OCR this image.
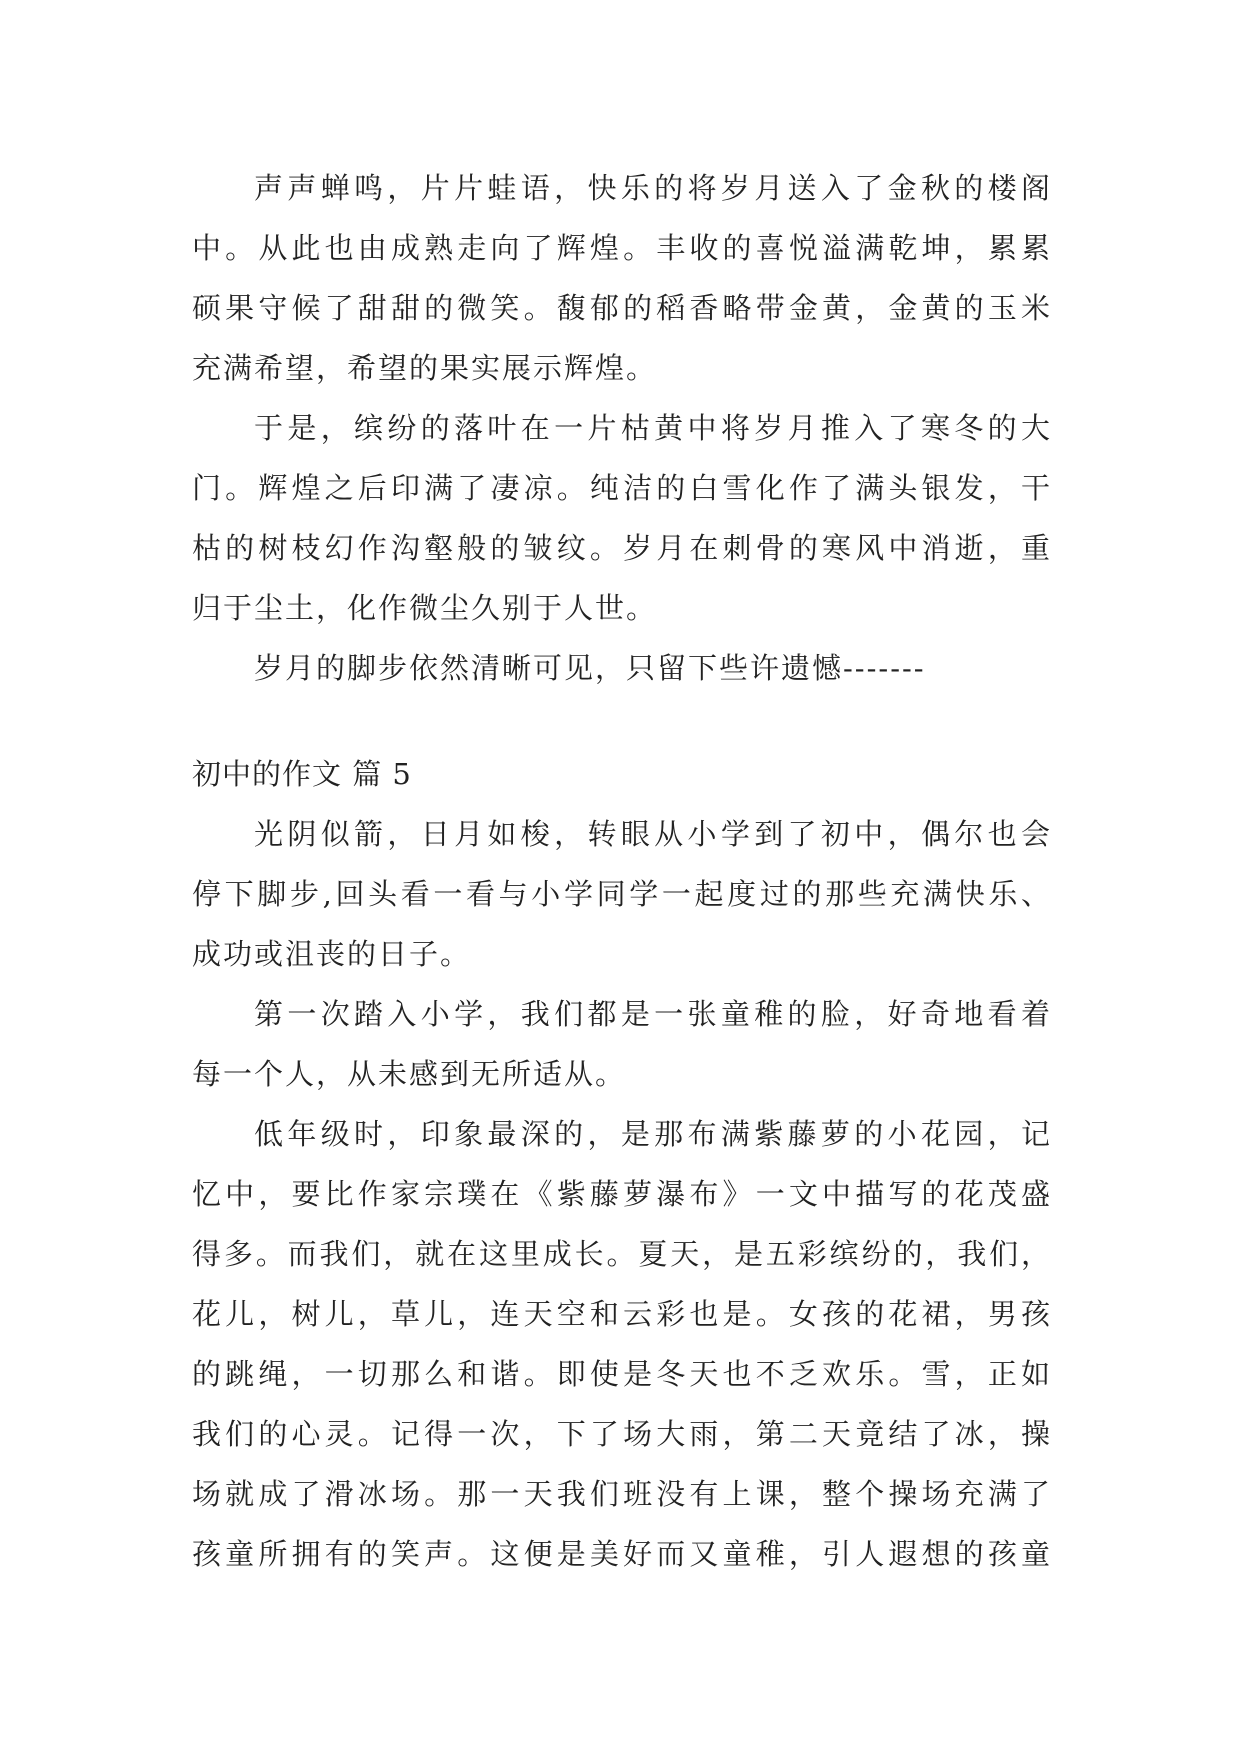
声声蝉鸣，片片蛙语，快乐的将岁月送入了金秋的楼阁
中。从此也由成熟走向了辉煌。丰收的喜悦溢满乾坤，累累
硕果守候了甜甜的微笑。馥郁的稻香略带金黄，金黄的玉米
充满希望，希望的果实展示辉煌。
于是，缤纷的落叶在一片枯黄中将岁月推入了寒冬的大
门。辉煌之后印满了凄凉。纯洁的白雪化作了满头银发，干
枯的树枝幻作沟壑般的皱纹。岁月在刺骨的寒风中消逝，重
归于尘土，化作微尘久别于人世。
岁月的脚步依然清晰可见，只留下些许遗憾-------
初中的作文 篇 5
光阴似箭，日月如梭，转眼从小学到了初中，偶尔也会
停下脚步,回头看一看与小学同学一起度过的那些充满快乐、
成功或沮丧的日子。
第一次踏入小学，我们都是一张童稚的脸，好奇地看着
每一个人，从未感到无所适从。
低年级时，印象最深的，是那布满紫藤萝的小花园，记
忆中，要比作家宗璞在《紫藤萝瀑布》一文中描写的花茂盛
得多。而我们，就在这里成长。夏天，是五彩缤纷的，我们，
花儿，树儿，草儿，连天空和云彩也是。女孩的花裙，男孩
的跳绳，一切那么和谐。即使是冬天也不乏欢乐。雪，正如
我们的心灵。记得一次，下了场大雨，第二天竟结了冰，操
场就成了滑冰场。那一天我们班没有上课，整个操场充满了
孩童所拥有的笑声。这便是美好而又童稚，引人遐想的孩童
